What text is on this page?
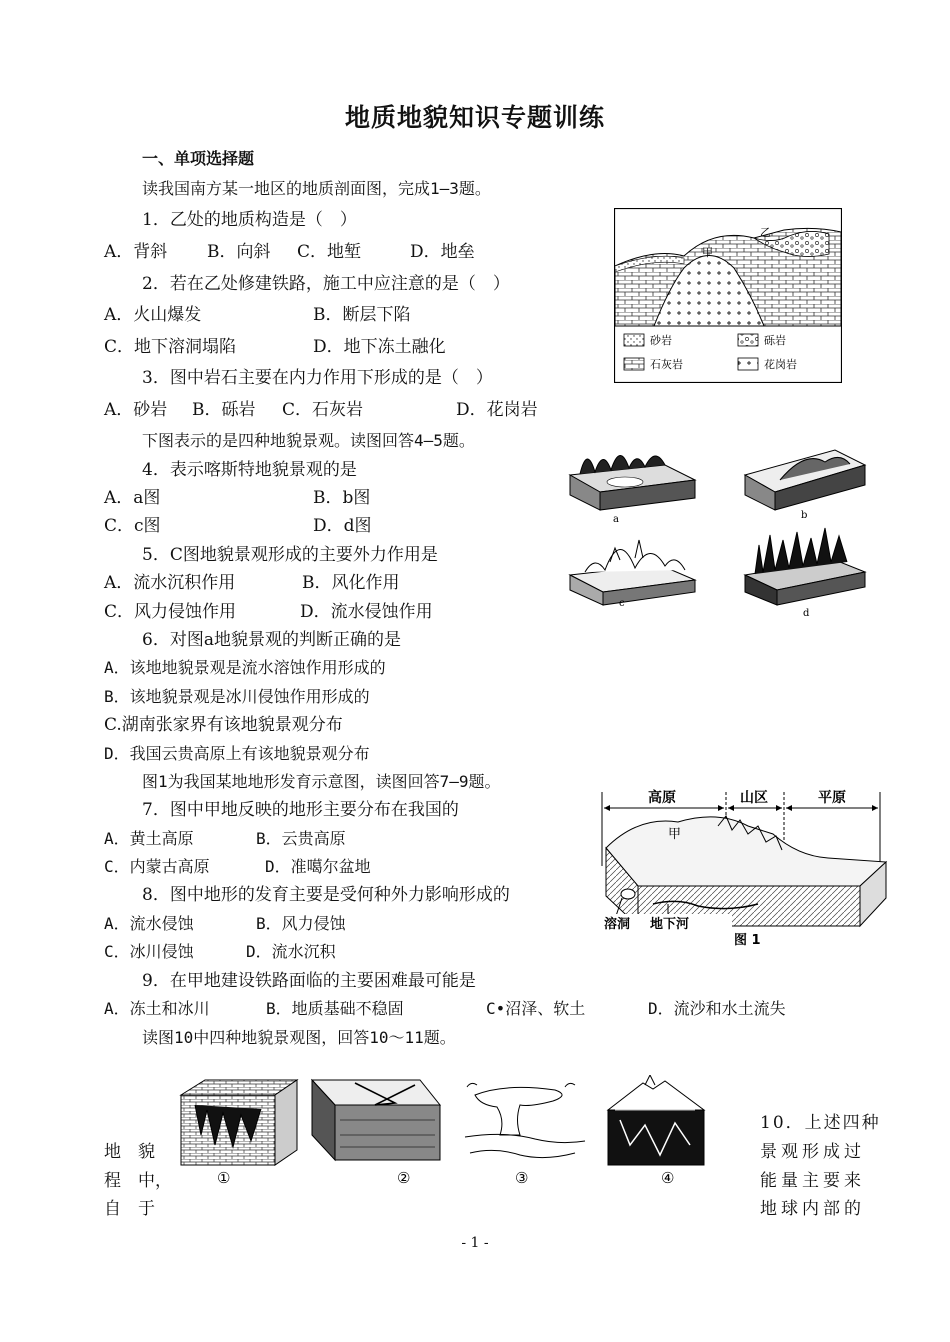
地质地貌知识专题训练
一、单项选择题
读我国南方某一地区的地质剖面图，完成1—3题。
1．乙处的地质构造是（　）
A．背斜 B．向斜 C．地堑	D．地垒
2．若在乙处修建铁路，施工中应注意的是（　）
A．火山爆发	B．断层下陷
C．地下溶洞塌陷	D．地下冻土融化
3．图中岩石主要在内力作用下形成的是（　）
A．砂岩 B．砾岩 C．石灰岩	D．花岗岩
下图表示的是四种地貌景观。读图回答4—5题。
4．表示喀斯特地貌景观的是
A．a图	B．b图
C．c图	D．d图
5．C图地貌景观形成的主要外力作用是
A．流水沉积作用	B．风化作用
C．风力侵蚀作用	D．流水侵蚀作用
6．对图a地貌景观的判断正确的是
A．该地地貌景观是流水溶蚀作用形成的
B．该地貌景观是冰川侵蚀作用形成的
C.湖南张家界有该地貌景观分布
D．我国云贵高原上有该地貌景观分布
图1为我国某地地形发育示意图，读图回答7—9题。
7．图中甲地反映的地形主要分布在我国的
A．黄土高原	B．云贵高原
C．内蒙古高原	D．准噶尔盆地
8．图中地形的发育主要是受何种外力影响形成的
A．流水侵蚀	B．风力侵蚀
C．冰川侵蚀	D．流水沉积
9．在甲地建设铁路面临的主要困难最可能是
A．冻土和冰川	B．地质基础不稳固	C•沼泽、软土	D．流沙和水土流失
读图10中四种地貌景观图，回答10～11题。
10．上述四种
景观形成过
能量主要来
地球内部的
地　貌
程　中，
自　于
甲
乙
砂岩	砾岩
石灰岩	花岗岩
a	b
c
d
高原	山区	平原
甲
溶洞 地下河
图 1
①	②	③	④
- 1 -
